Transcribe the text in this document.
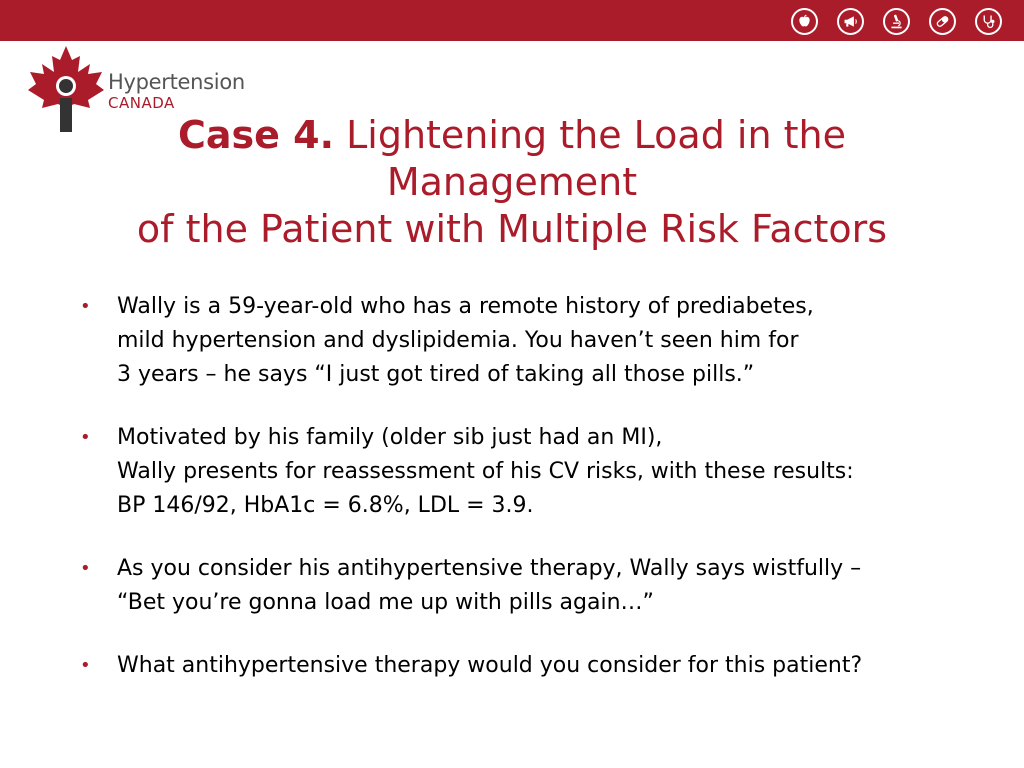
Hypertension
CANADA
Case 4. Lightening the Load in the
Management
of the Patient with Multiple Risk Factors
• Wally is a 59-year-old who has a remote history of prediabetes,
mild hypertension and dyslipidemia. You haven’t seen him for
3 years – he says “I just got tired of taking all those pills.”
• Motivated by his family (older sib just had an MI),
Wally presents for reassessment of his CV risks, with these results:
BP 146/92, HbA1c = 6.8%, LDL = 3.9.
• As you consider his antihypertensive therapy, Wally says wistfully –
“Bet you’re gonna load me up with pills again…”
• What antihypertensive therapy would you consider for this patient?
